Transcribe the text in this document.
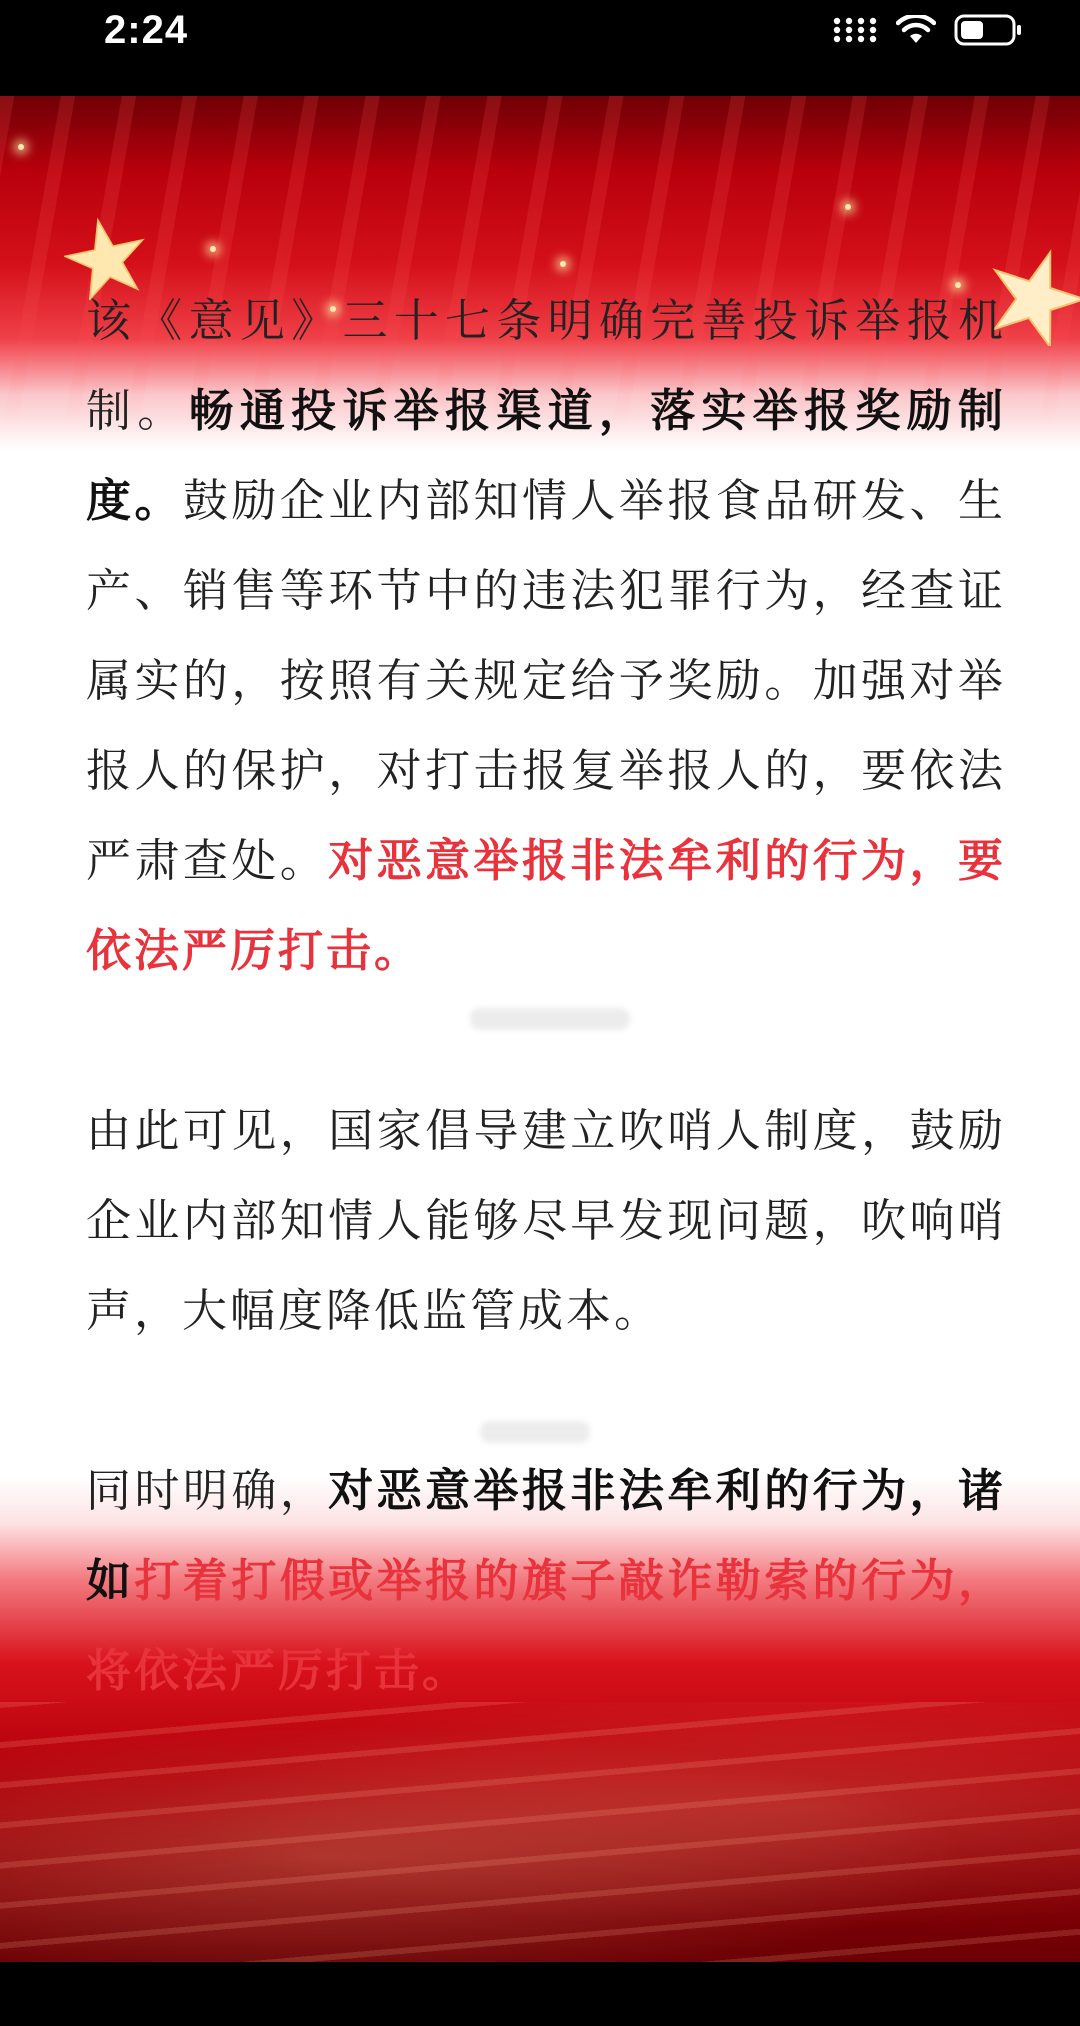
2:24

该《意见》三十七条明确完善投诉举报机制。畅通投诉举报渠道，落实举报奖励制度。鼓励企业内部知情人举报食品研发、生产、销售等环节中的违法犯罪行为，经查证属实的，按照有关规定给予奖励。加强对举报人的保护，对打击报复举报人的，要依法严肃查处。对恶意举报非法牟利的行为，要依法严厉打击。

由此可见，国家倡导建立吹哨人制度，鼓励企业内部知情人能够尽早发现问题，吹响哨声，大幅度降低监管成本。

同时明确，对恶意举报非法牟利的行为，诸如打着打假或举报的旗子敲诈勒索的行为，将依法严厉打击。
